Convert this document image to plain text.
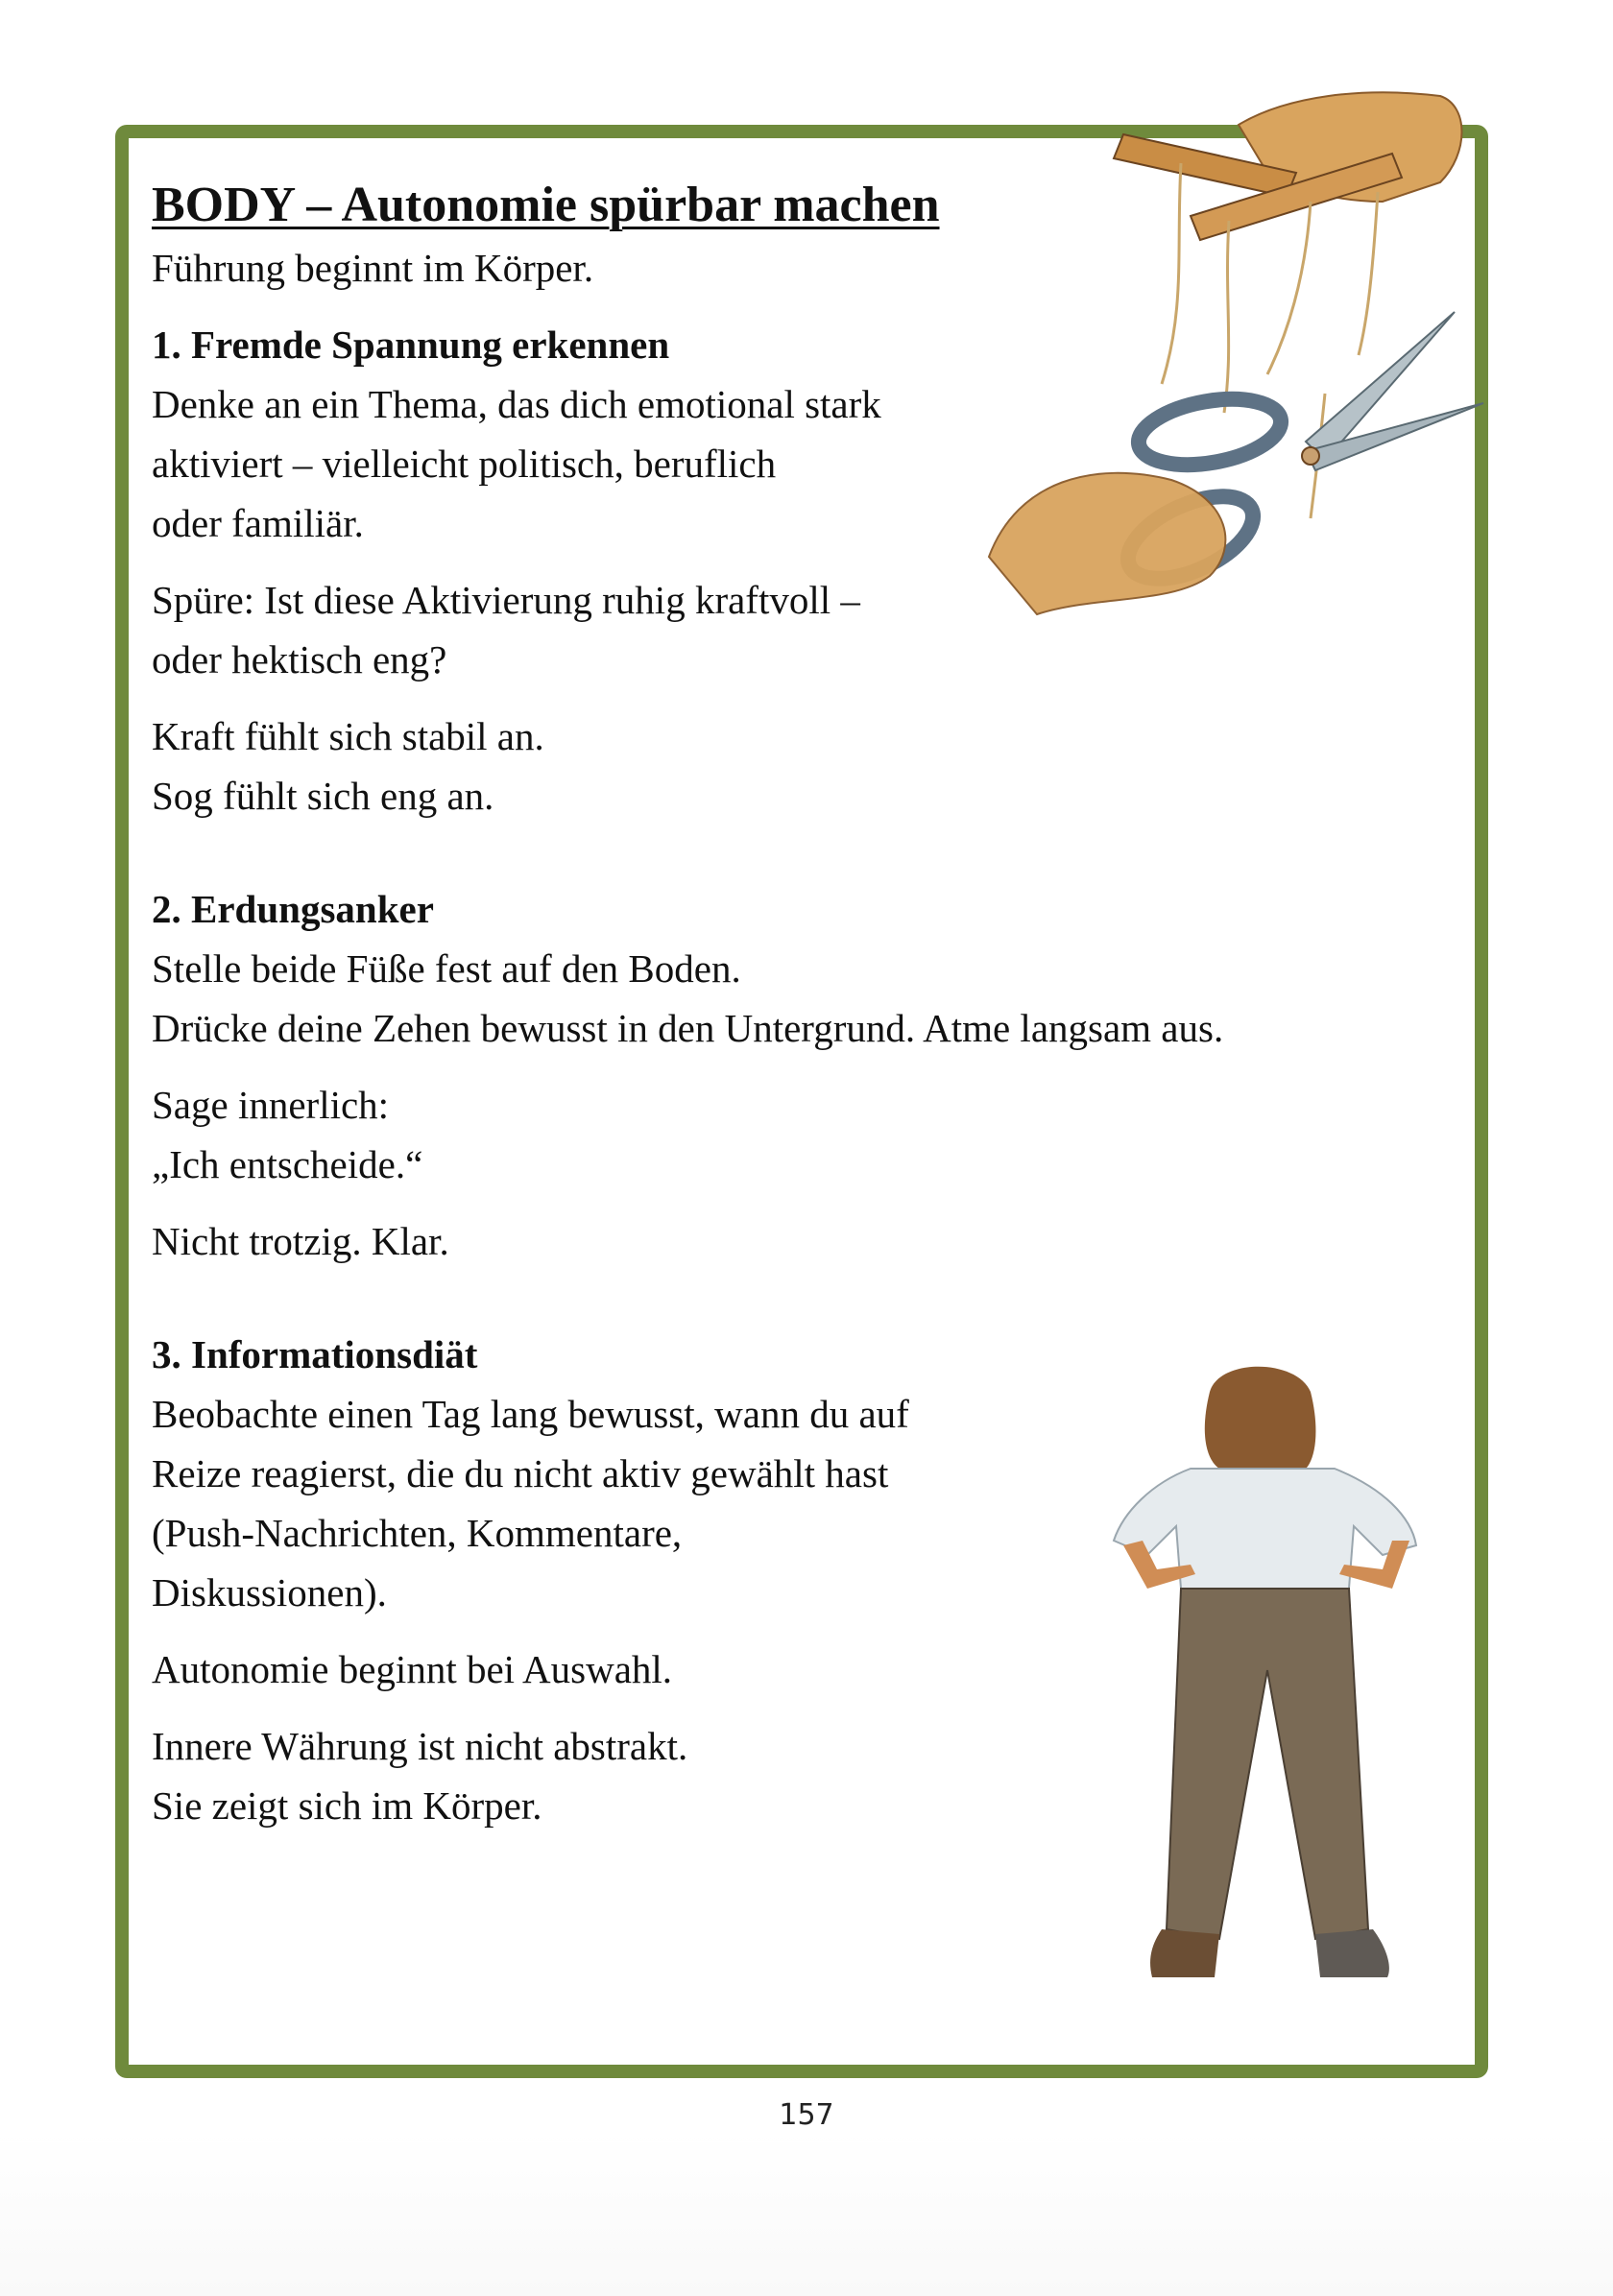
BODY – Autonomie spürbar machen

Führung beginnt im Körper.

1. Fremde Spannung erkennen

Denke an ein Thema, das dich emotional stark

aktiviert – vielleicht politisch, beruflich

oder familiär.

Spüre: Ist diese Aktivierung ruhig kraftvoll –

oder hektisch eng?

Kraft fühlt sich stabil an.

Sog fühlt sich eng an.

2. Erdungsanker

Stelle beide Füße fest auf den Boden.

Drücke deine Zehen bewusst in den Untergrund. Atme langsam aus.

Sage innerlich:

„Ich entscheide.“

Nicht trotzig. Klar.

3. Informationsdiät

Beobachte einen Tag lang bewusst, wann du auf

Reize reagierst, die du nicht aktiv gewählt hast

(Push-Nachrichten, Kommentare,

Diskussionen).

Autonomie beginnt bei Auswahl.

Innere Währung ist nicht abstrakt.

Sie zeigt sich im Körper.

157
